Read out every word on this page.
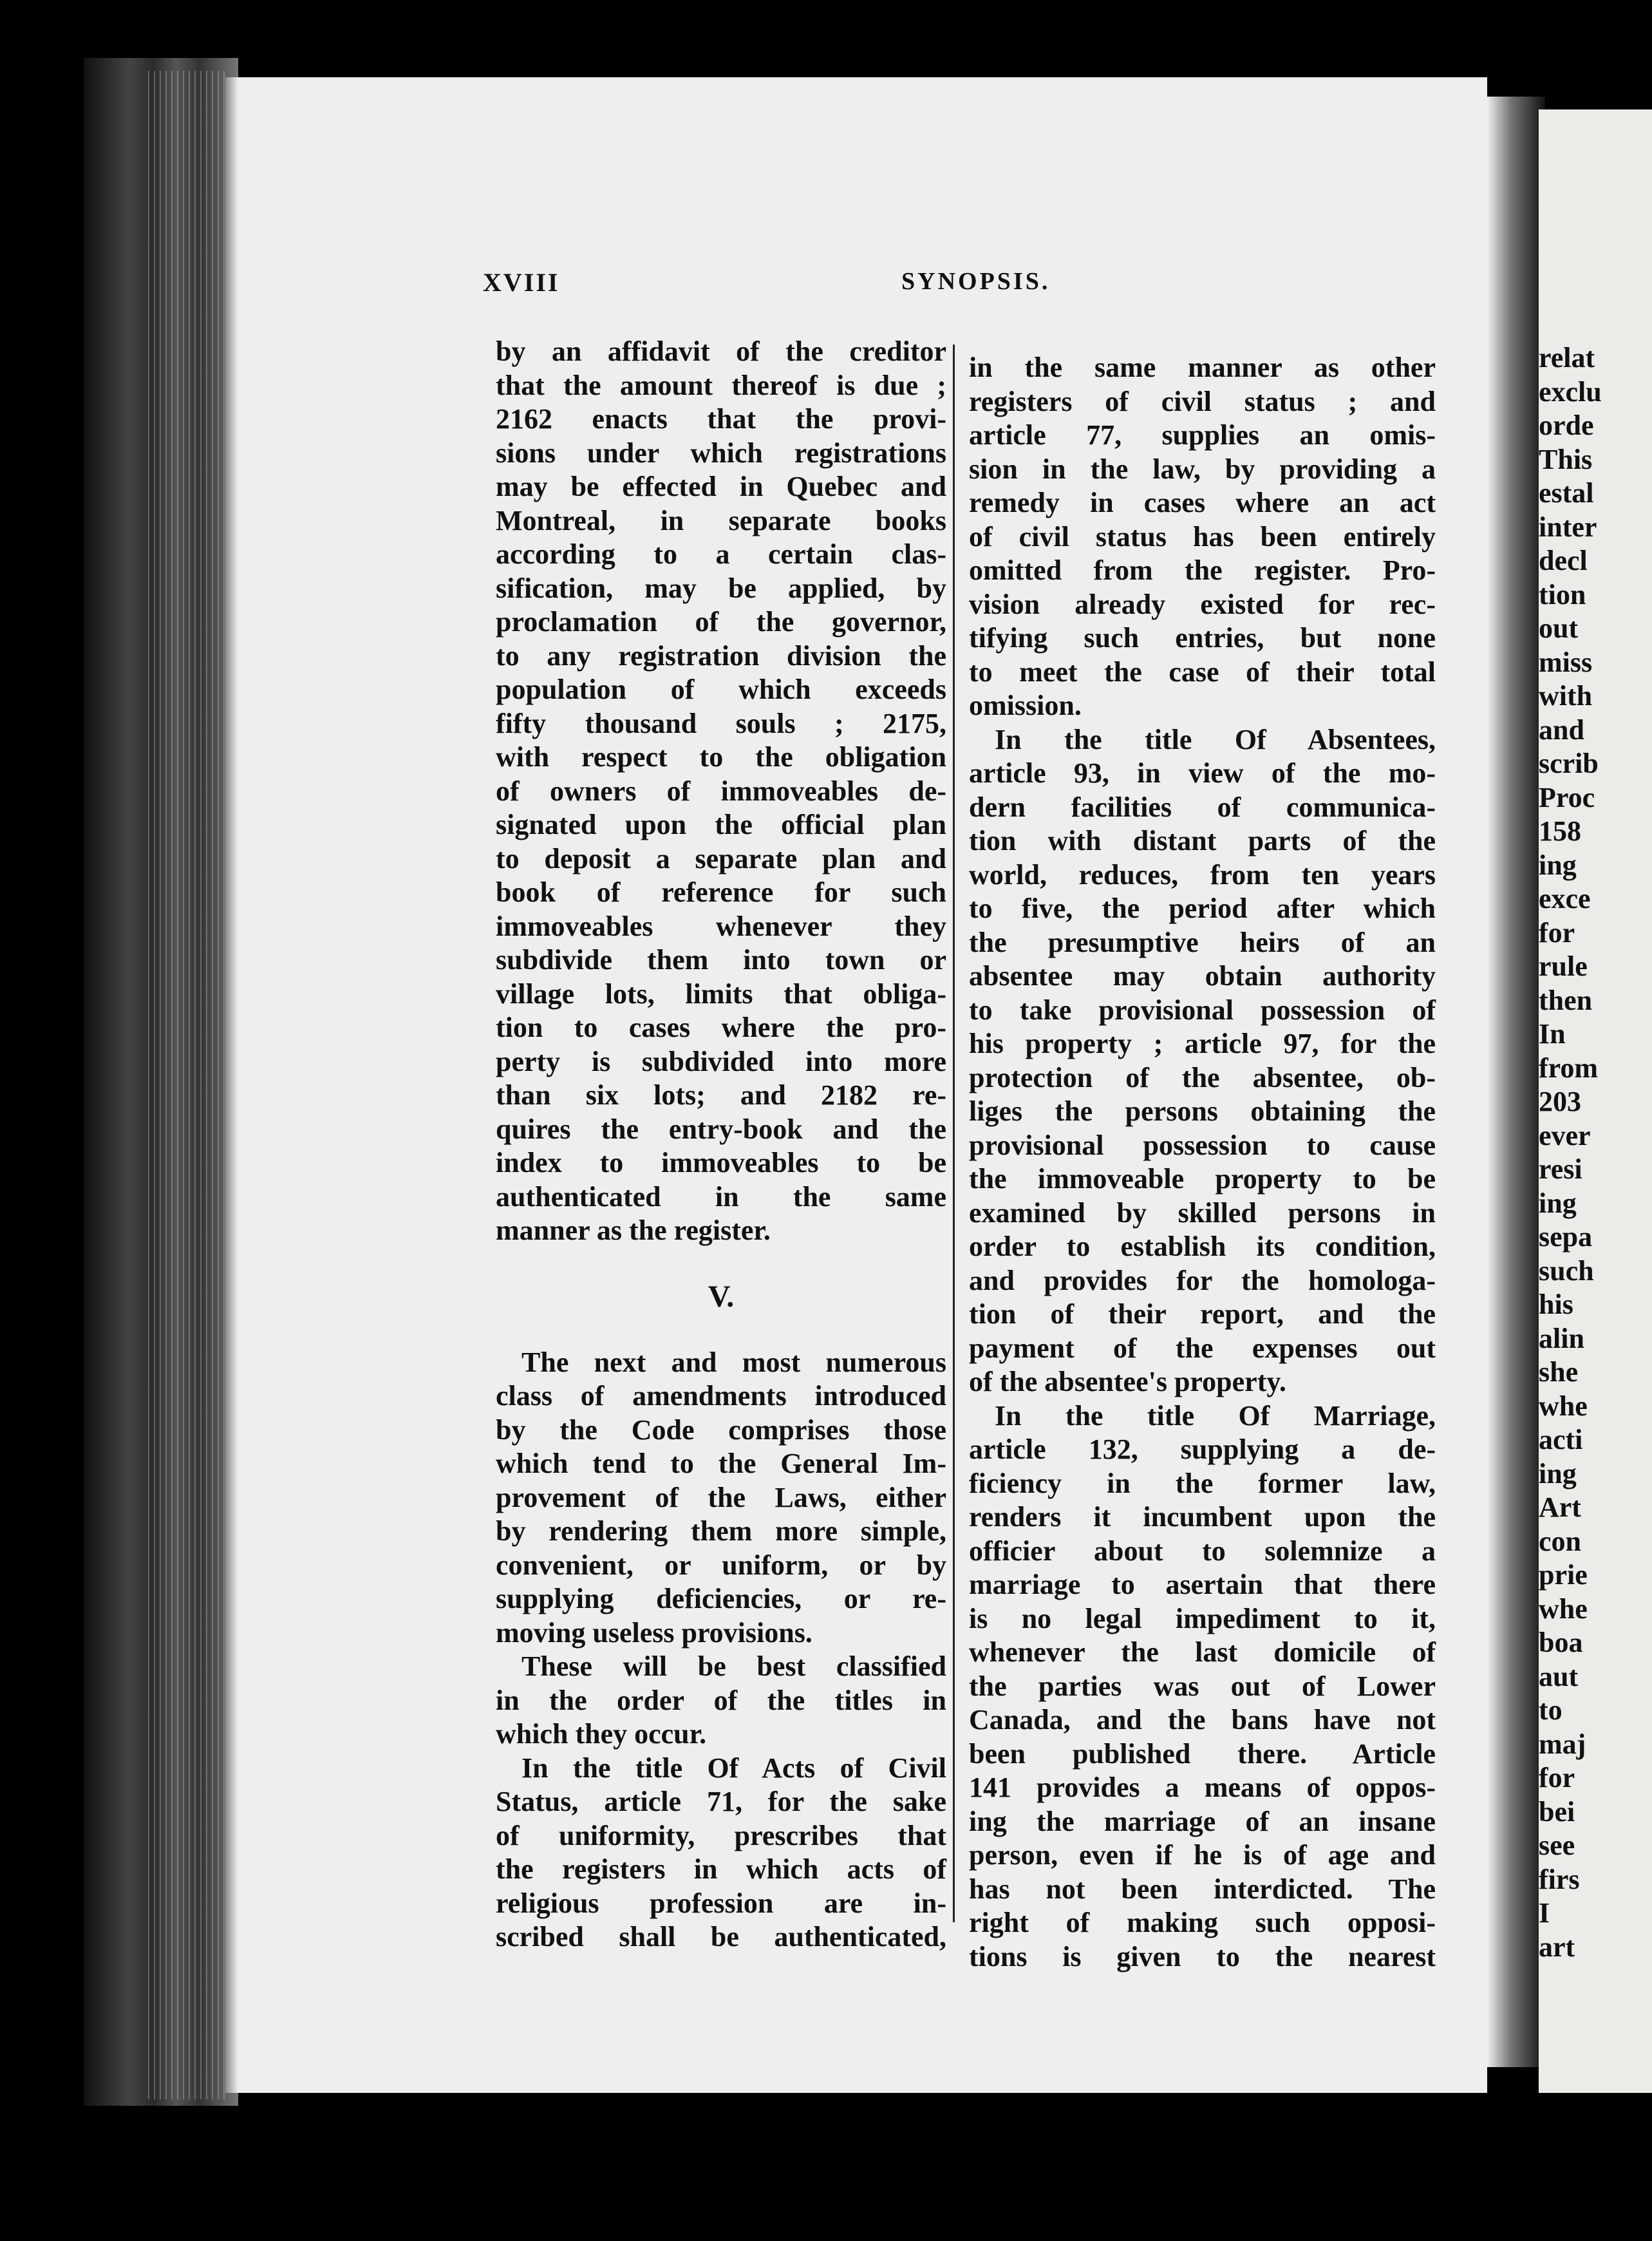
relat
exclu
orde
This
estal
inter
decl
tion
out
miss
with
and
scrib
Proc
158
ing
exce
for
rule
then
In
from
203
ever
resi
ing
sepa
such
his
alin
she
whe
acti
ing
Art
con
prie
whe
boa
aut
to
maj
for
bei
see
firs
I
art
XVIII	SYNOPSIS.
by an affidavit of the creditor
that the amount thereof is due ;
2162 enacts that the provi-
sions under which registrations
may be effected in Quebec and
Montreal, in separate books
according to a certain clas-
sification, may be applied, by
proclamation of the governor,
to any registration division the
population of which exceeds
fifty thousand souls ; 2175,
with respect to the obligation
of owners of immoveables de-
signated upon the official plan
to deposit a separate plan and
book of reference for such
immoveables whenever they
subdivide them into town or
village lots, limits that obliga-
tion to cases where the pro-
perty is subdivided into more
than six lots; and 2182 re-
quires the entry-book and the
index to immoveables to be
authenticated in the same
manner as the register.
V.
The next and most numerous
class of amendments introduced
by the Code comprises those
which tend to the General Im-
provement of the Laws, either
by rendering them more simple,
convenient, or uniform, or by
supplying deficiencies, or re-
moving useless provisions.
These will be best classified
in the order of the titles in
which they occur.
In the title Of Acts of Civil
Status, article 71, for the sake
of uniformity, prescribes that
the registers in which acts of
religious profession are in-
scribed shall be authenticated,
in the same manner as other
registers of civil status ; and
article 77, supplies an omis-
sion in the law, by providing a
remedy in cases where an act
of civil status has been entirely
omitted from the register. Pro-
vision already existed for rec-
tifying such entries, but none
to meet the case of their total
omission.
In the title Of Absentees,
article 93, in view of the mo-
dern facilities of communica-
tion with distant parts of the
world, reduces, from ten years
to five, the period after which
the presumptive heirs of an
absentee may obtain authority
to take provisional possession of
his property ; article 97, for the
protection of the absentee, ob-
liges the persons obtaining the
provisional possession to cause
the immoveable property to be
examined by skilled persons in
order to establish its condition,
and provides for the homologa-
tion of their report, and the
payment of the expenses out
of the absentee's property.
In the title Of Marriage,
article 132, supplying a de-
ficiency in the former law,
renders it incumbent upon the
officier about to solemnize a
marriage to asertain that there
is no legal impediment to it,
whenever the last domicile of
the parties was out of Lower
Canada, and the bans have not
been published there. Article
141 provides a means of oppos-
ing the marriage of an insane
person, even if he is of age and
has not been interdicted. The
right of making such opposi-
tions is given to the nearest
